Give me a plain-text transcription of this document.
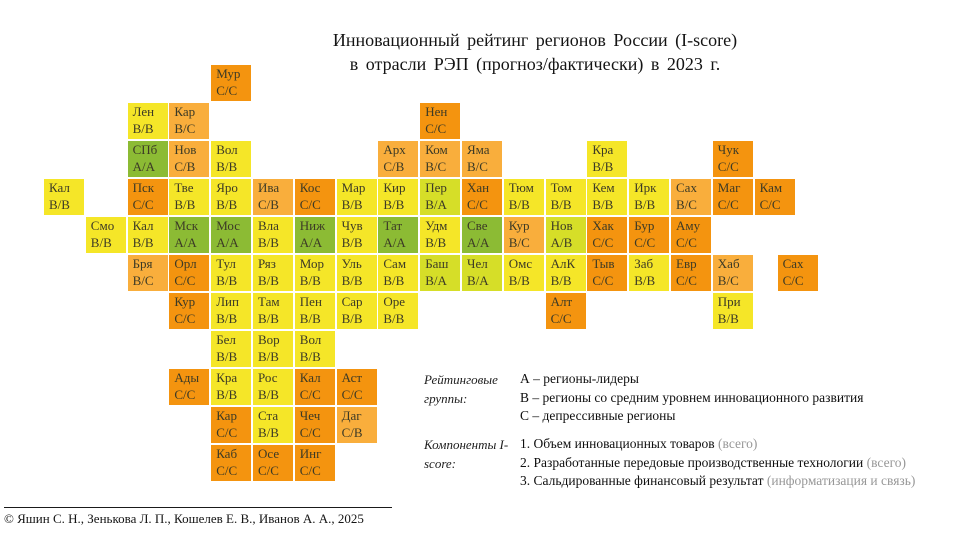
Инновационный рейтинг регионов России (I-score)
в отрасли РЭП (прогноз/фактически) в 2023 г.
Мур
С/С
Лен
В/В
Кар
В/С
Нен
С/С
СПб
А/А
Нов
С/В
Вол
В/В
Арх
С/В
Ком
В/С
Яма
В/С
Кра
В/В
Чук
С/С
Кал
В/В
Пск
С/С
Тве
В/В
Яро
В/В
Ива
С/В
Кос
С/С
Мар
В/В
Кир
В/В
Пер
В/А
Хан
С/С
Тюм
В/В
Том
В/В
Кем
В/В
Ирк
В/В
Сах
В/С
Маг
С/С
Кам
С/С
Смо
В/В
Кал
В/В
Мск
А/А
Мос
А/А
Вла
В/В
Ниж
А/А
Чув
В/В
Тат
А/А
Удм
В/В
Све
А/А
Кур
В/С
Нов
А/В
Хак
С/С
Бур
С/С
Аму
С/С
Бря
В/С
Орл
С/С
Тул
В/В
Ряз
В/В
Мор
В/В
Уль
В/В
Сам
В/В
Баш
В/А
Чел
В/А
Омс
В/В
АлК
В/В
Тыв
С/С
Заб
В/В
Евр
С/С
Хаб
В/С
Сах
С/С
Кур
С/С
Лип
В/В
Там
В/В
Пен
В/В
Сар
В/В
Оре
В/В
Алт
С/С
При
В/В
Бел
В/В
Вор
В/В
Вол
В/В
Ады
С/С
Кра
В/В
Рос
В/В
Кал
С/С
Аст
С/С
Кар
С/С
Ста
В/В
Чеч
С/С
Даг
С/В
Каб
С/С
Осе
С/С
Инг
С/С
Рейтинговые группы:
А – регионы-лидеры
В – регионы со средним уровнем инновационного развития
С – депрессивные регионы
Компоненты I-score:
1. Объем инновационных товаров (всего)
2. Разработанные передовые производственные технологии (всего)
3. Сальдированные финансовый результат (информатизация и связь)
© Яшин С. Н., Зенькова Л. П., Кошелев Е. В., Иванов А. А., 2025
